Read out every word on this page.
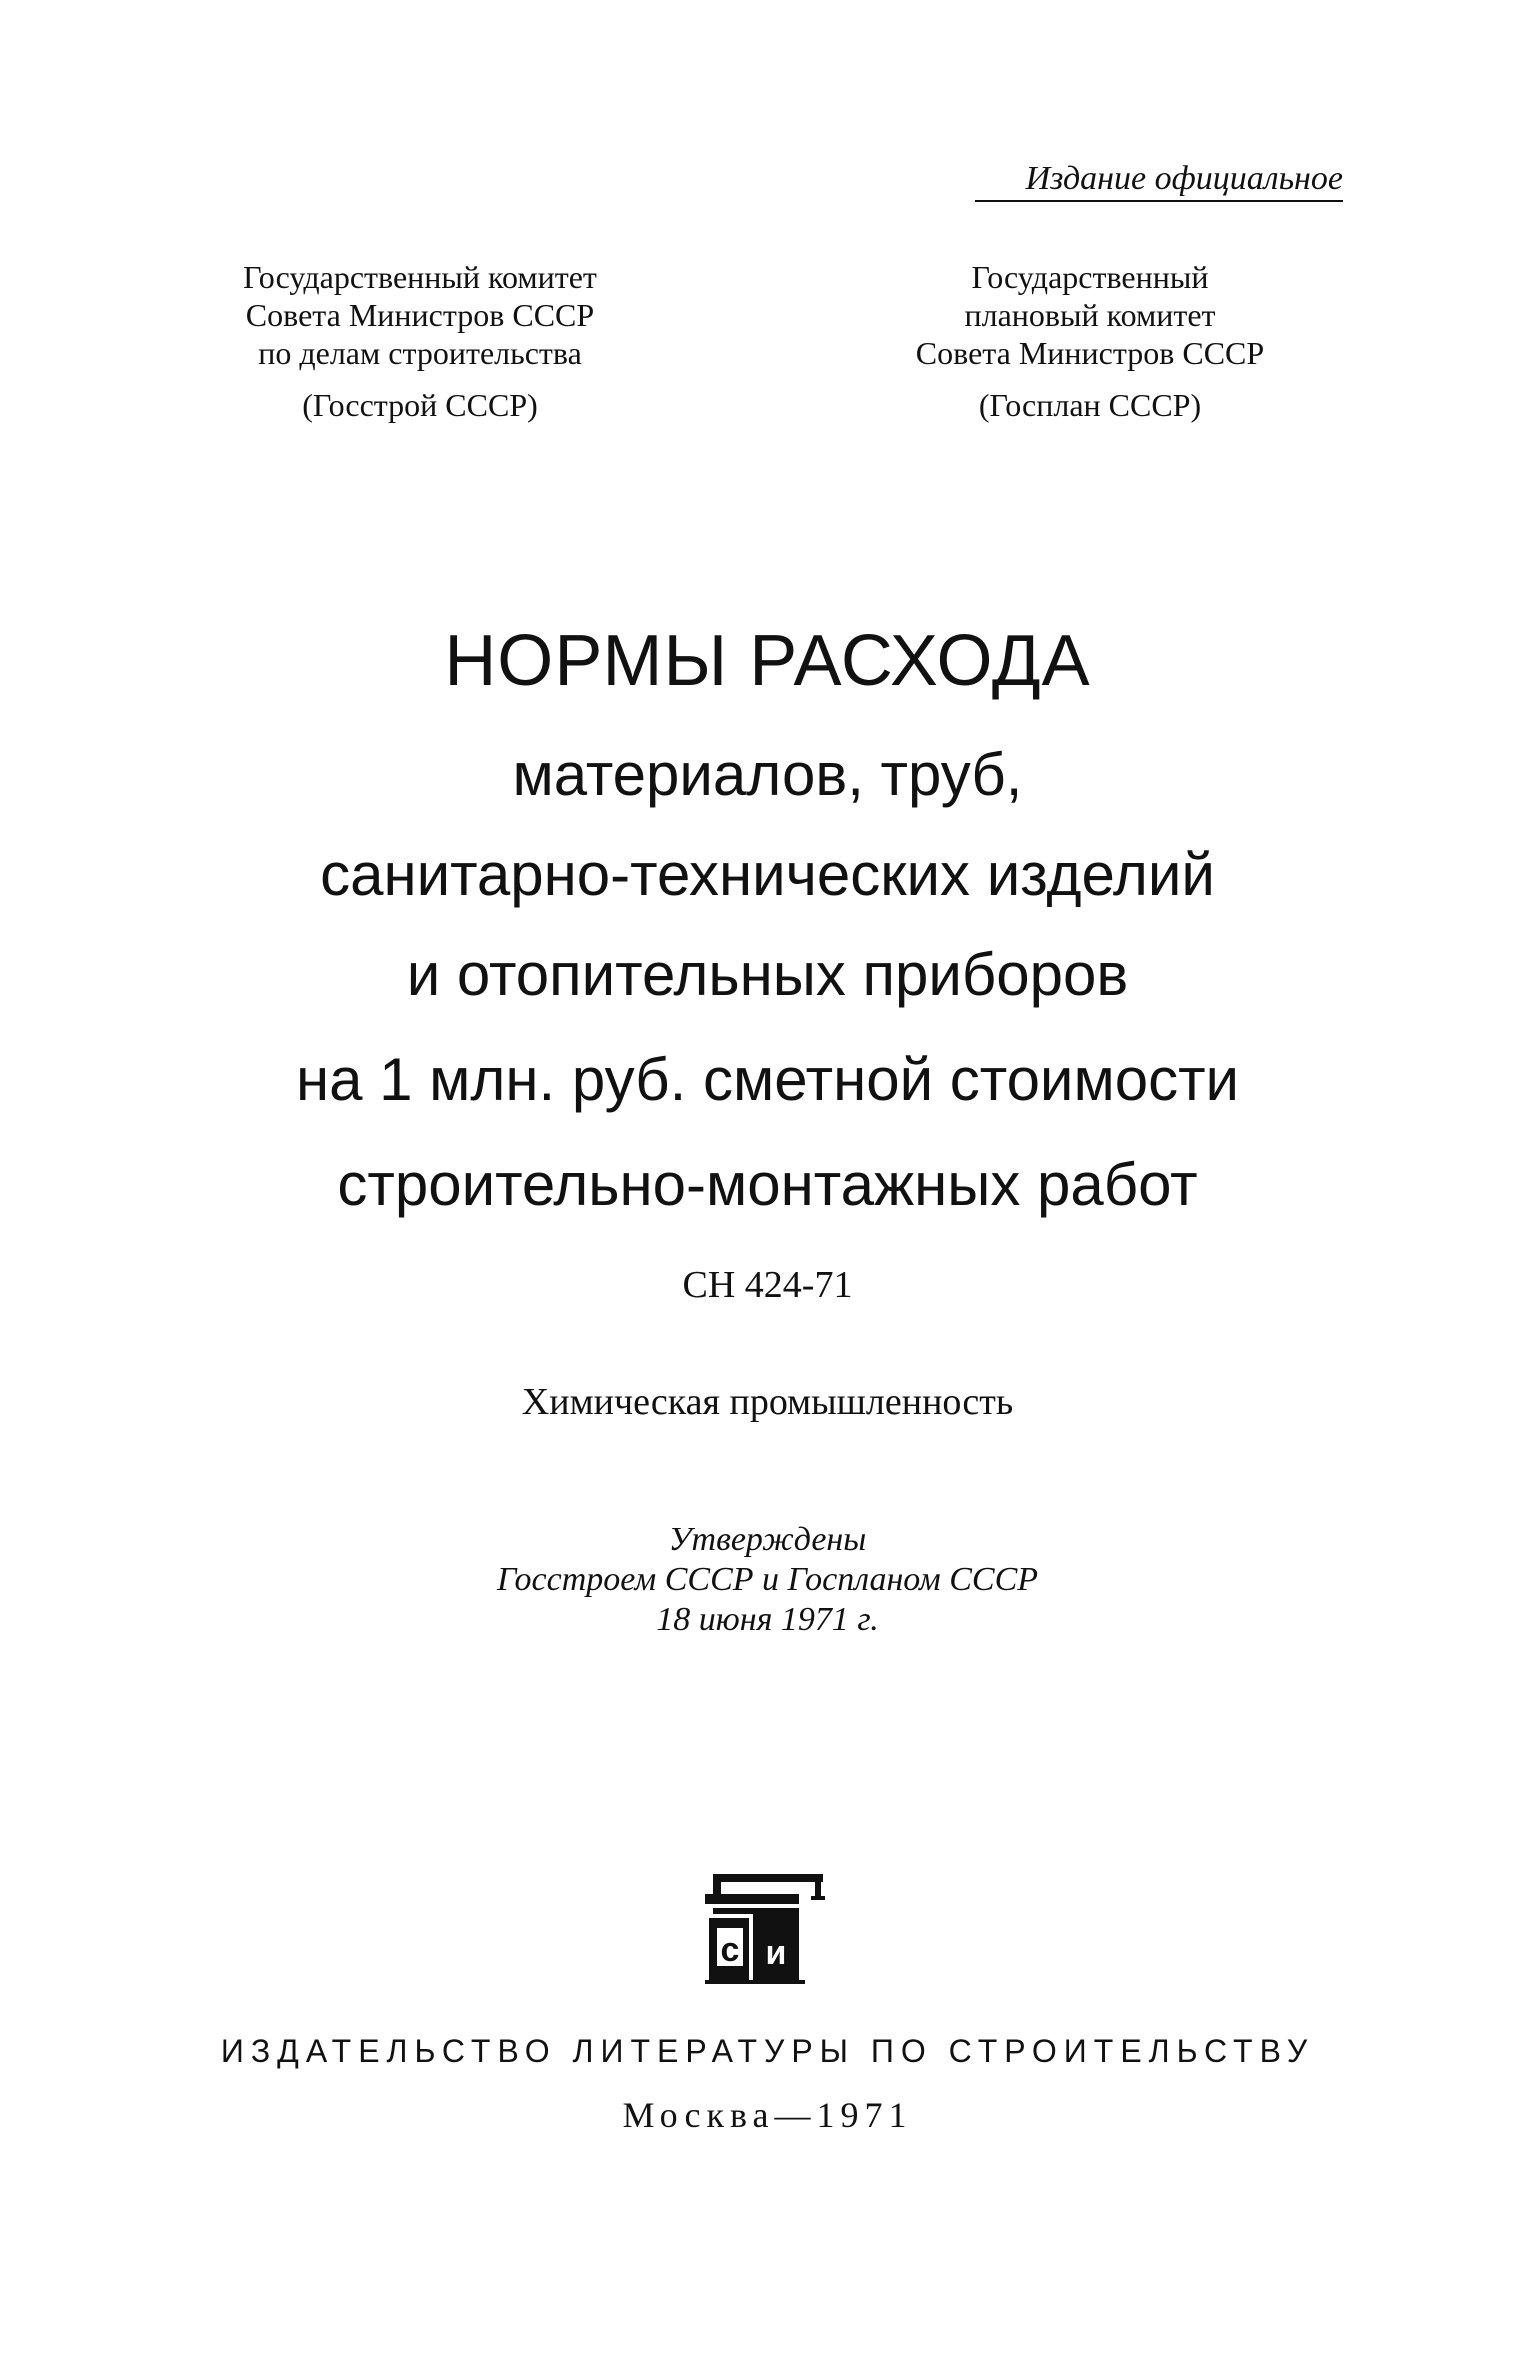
Издание официальное
Государственный комитет
Совета Министров СССР
по делам строительства
(Госстрой СССР)
Государственный
плановый комитет
Совета Министров СССР
(Госплан СССР)
НОРМЫ РАСХОДА
материалов, труб,
санитарно-технических изделий
и отопительных приборов
на 1 млн. руб. сметной стоимости
строительно-монтажных работ
СН 424-71
Химическая промышленность
Утверждены
Госстроем СССР и Госпланом СССР
18 июня 1971 г.
с и
ИЗДАТЕЛЬСТВО ЛИТЕРАТУРЫ ПО СТРОИТЕЛЬСТВУ
Москва—1971
